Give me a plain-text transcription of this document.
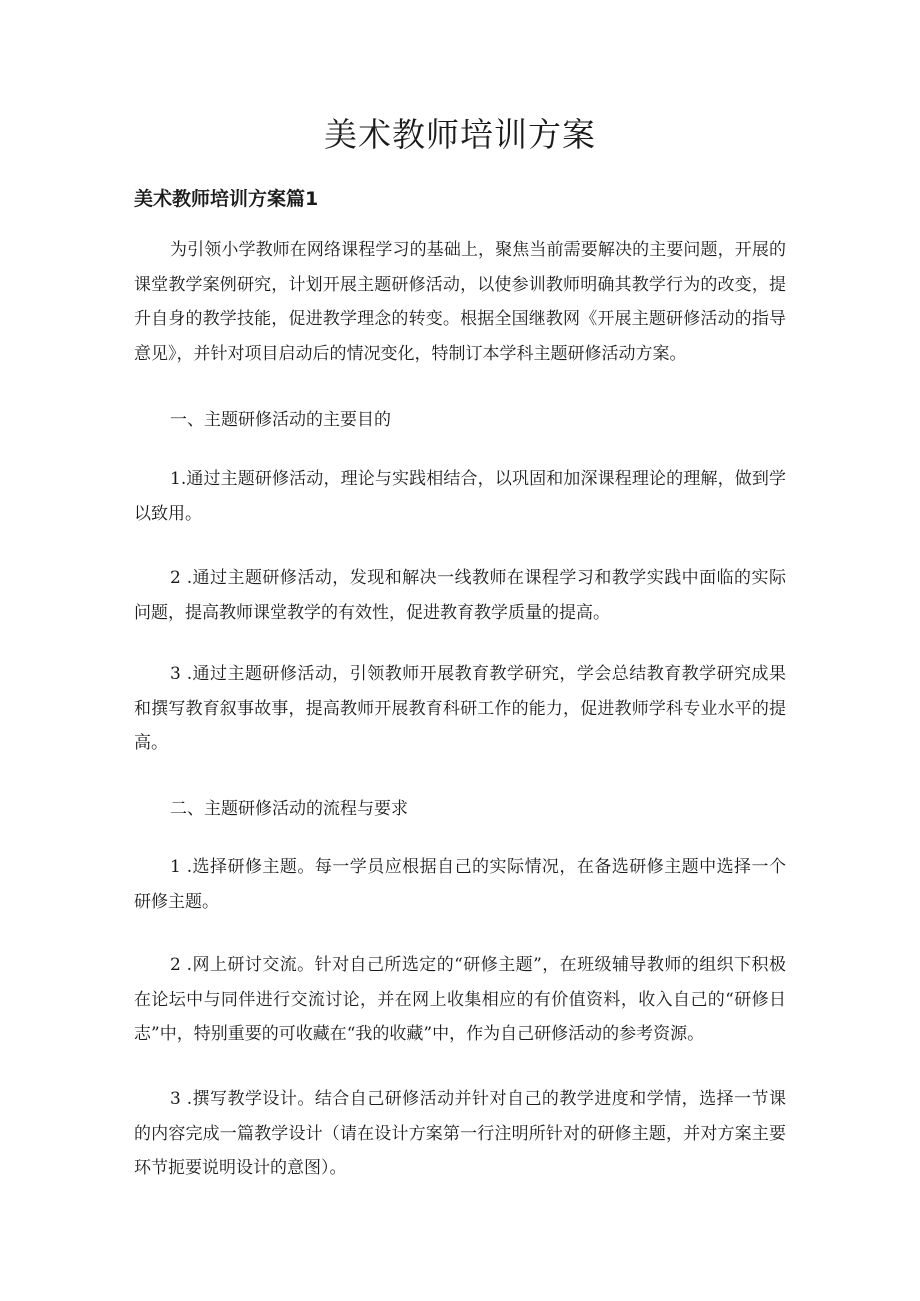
美术教师培训方案
美术教师培训方案篇1

为引领小学教师在网络课程学习的基础上，聚焦当前需要解决的主要问题，开展的课堂教学案例研究，计划开展主题研修活动，以使参训教师明确其教学行为的改变，提升自身的教学技能，促进教学理念的转变。根据全国继教网《开展主题研修活动的指导意见》，并针对项目启动后的情况变化，特制订本学科主题研修活动方案。

一、主题研修活动的主要目的

1.通过主题研修活动，理论与实践相结合，以巩固和加深课程理论的理解，做到学以致用。

2 .通过主题研修活动，发现和解决一线教师在课程学习和教学实践中面临的实际问题，提高教师课堂教学的有效性，促进教育教学质量的提高。

3 .通过主题研修活动，引领教师开展教育教学研究，学会总结教育教学研究成果和撰写教育叙事故事，提高教师开展教育科研工作的能力，促进教师学科专业水平的提高。

二、主题研修活动的流程与要求

1 .选择研修主题。每一学员应根据自己的实际情况，在备选研修主题中选择一个研修主题。

2 .网上研讨交流。针对自己所选定的“研修主题”，在班级辅导教师的组织下积极在论坛中与同伴进行交流讨论，并在网上收集相应的有价值资料，收入自己的“研修日志”中，特别重要的可收藏在“我的收藏”中，作为自己研修活动的参考资源。

3 .撰写教学设计。结合自己研修活动并针对自己的教学进度和学情，选择一节课的内容完成一篇教学设计（请在设计方案第一行注明所针对的研修主题，并对方案主要环节扼要说明设计的意图）。
